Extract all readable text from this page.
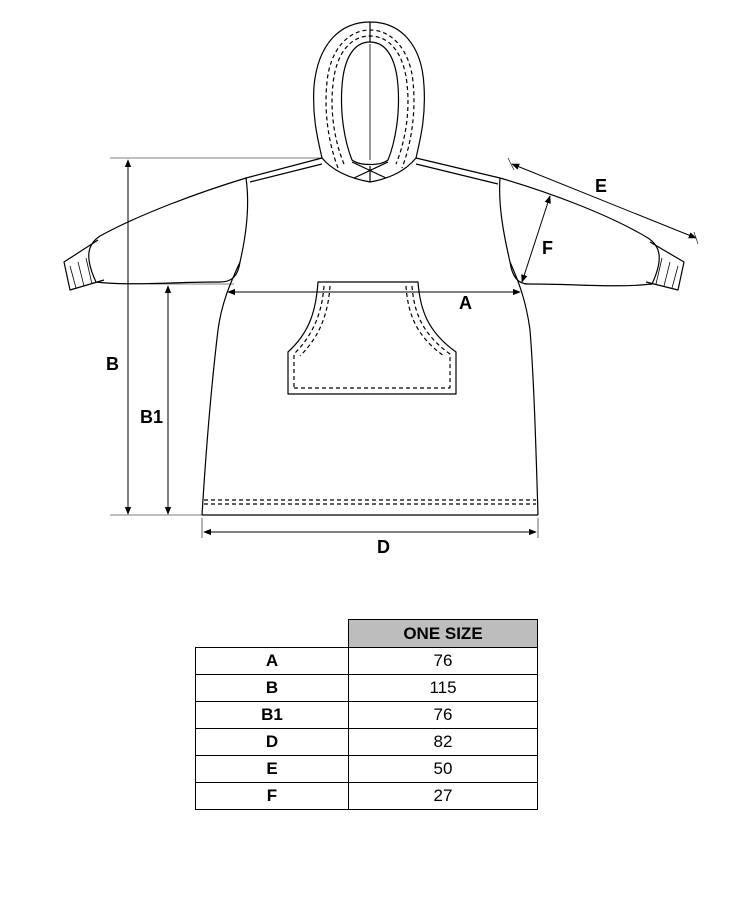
A
B
B1
D
E
F
	ONE SIZE
A	76
B	115
B1	76
D	82
E	50
F	27
